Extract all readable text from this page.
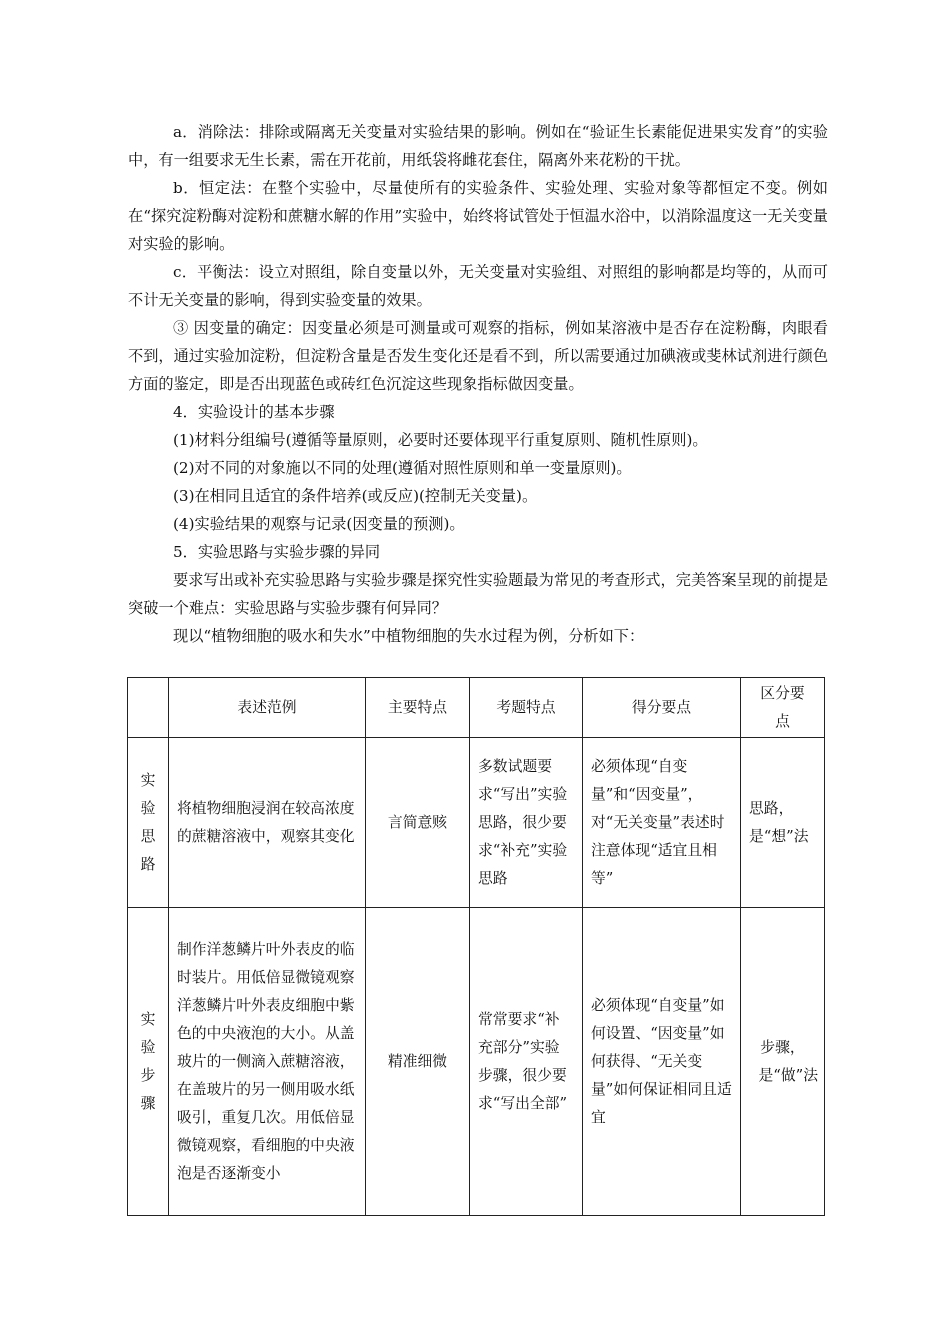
a．消除法：排除或隔离无关变量对实验结果的影响。例如在“验证生长素能促进果实发育”的实验中，有一组要求无生长素，需在开花前，用纸袋将雌花套住，隔离外来花粉的干扰。

b．恒定法：在整个实验中，尽量使所有的实验条件、实验处理、实验对象等都恒定不变。例如在“探究淀粉酶对淀粉和蔗糖水解的作用”实验中，始终将试管处于恒温水浴中，以消除温度这一无关变量对实验的影响。

c．平衡法：设立对照组，除自变量以外，无关变量对实验组、对照组的影响都是均等的，从而可不计无关变量的影响，得到实验变量的效果。

③ 因变量的确定：因变量必须是可测量或可观察的指标，例如某溶液中是否存在淀粉酶，肉眼看不到，通过实验加淀粉，但淀粉含量是否发生变化还是看不到，所以需要通过加碘液或斐林试剂进行颜色方面的鉴定，即是否出现蓝色或砖红色沉淀这些现象指标做因变量。

4．实验设计的基本步骤

(1)材料分组编号(遵循等量原则，必要时还要体现平行重复原则、随机性原则)。

(2)对不同的对象施以不同的处理(遵循对照性原则和单一变量原则)。

(3)在相同且适宜的条件培养(或反应)(控制无关变量)。

(4)实验结果的观察与记录(因变量的预测)。

5．实验思路与实验步骤的异同

要求写出或补充实验思路与实验步骤是探究性实验题最为常见的考查形式，完美答案呈现的前提是突破一个难点：实验思路与实验步骤有何异同？

现以“植物细胞的吸水和失水”中植物细胞的失水过程为例，分析如下：

	表述范例	主要特点	考题特点	得分要点	区分要点

实验思路	将植物细胞浸润在较高浓度的蔗糖溶液中，观察其变化	言简意赅	多数试题要求“写出”实验思路，很少要求“补充”实验思路	必须体现“自变量”和“因变量”，对“无关变量”表述时注意体现“适宜且相等”	思路，是“想”法

实验步骤	制作洋葱鳞片叶外表皮的临时装片。用低倍显微镜观察洋葱鳞片叶外表皮细胞中紫色的中央液泡的大小。从盖玻片的一侧滴入蔗糖溶液，在盖玻片的另一侧用吸水纸吸引，重复几次。用低倍显微镜观察，看细胞的中央液泡是否逐渐变小	精准细微	常常要求“补充部分”实验步骤，很少要求“写出全部”	必须体现“自变量”如何设置、“因变量”如何获得、“无关变量”如何保证相同且适宜	步骤，是“做”法
